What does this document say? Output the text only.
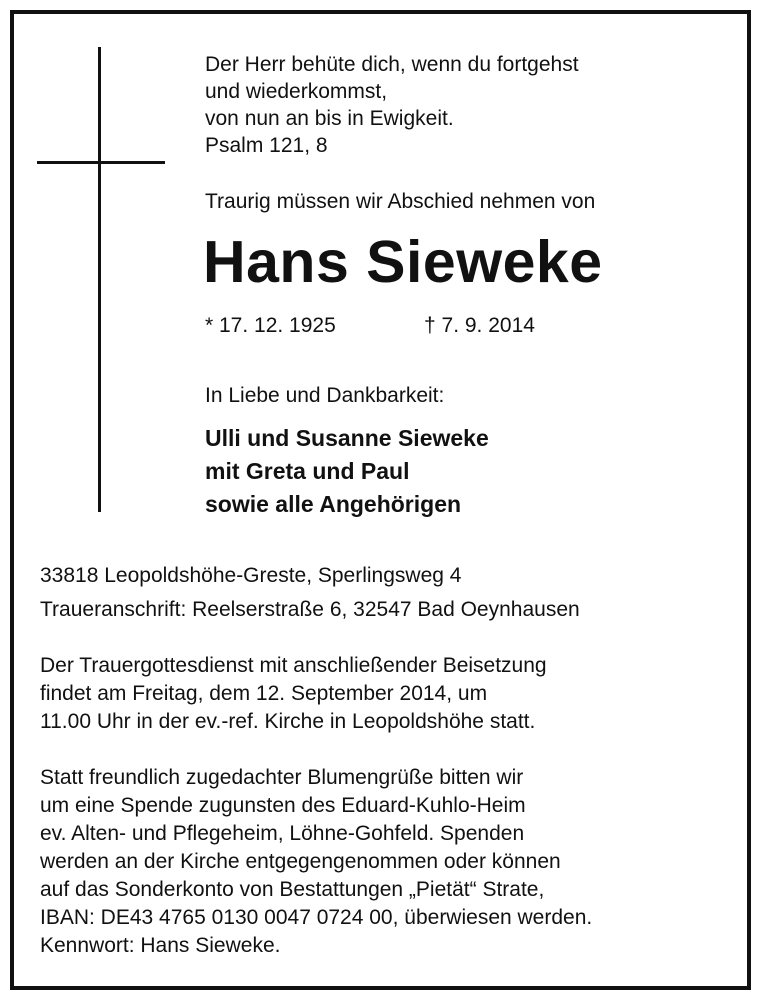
Der Herr behüte dich, wenn du fortgehst
und wiederkommst,
von nun an bis in Ewigkeit.
Psalm 121, 8
Traurig müssen wir Abschied nehmen von
Hans Sieweke
* 17. 12. 1925	† 7. 9. 2014
In Liebe und Dankbarkeit:
Ulli und Susanne Sieweke
mit Greta und Paul
sowie alle Angehörigen
33818 Leopoldshöhe-Greste, Sperlingsweg 4
Traueranschrift: Reelserstraße 6, 32547 Bad Oeynhausen
Der Trauergottesdienst mit anschließender Beisetzung
findet am Freitag, dem 12. September 2014, um
11.00 Uhr in der ev.-ref. Kirche in Leopoldshöhe statt.
Statt freundlich zugedachter Blumengrüße bitten wir
um eine Spende zugunsten des Eduard-Kuhlo-Heim
ev. Alten- und Pflegeheim, Löhne-Gohfeld. Spenden
werden an der Kirche entgegengenommen oder können
auf das Sonderkonto von Bestattungen „Pietät“ Strate,
IBAN: DE43 4765 0130 0047 0724 00, überwiesen werden.
Kennwort: Hans Sieweke.
